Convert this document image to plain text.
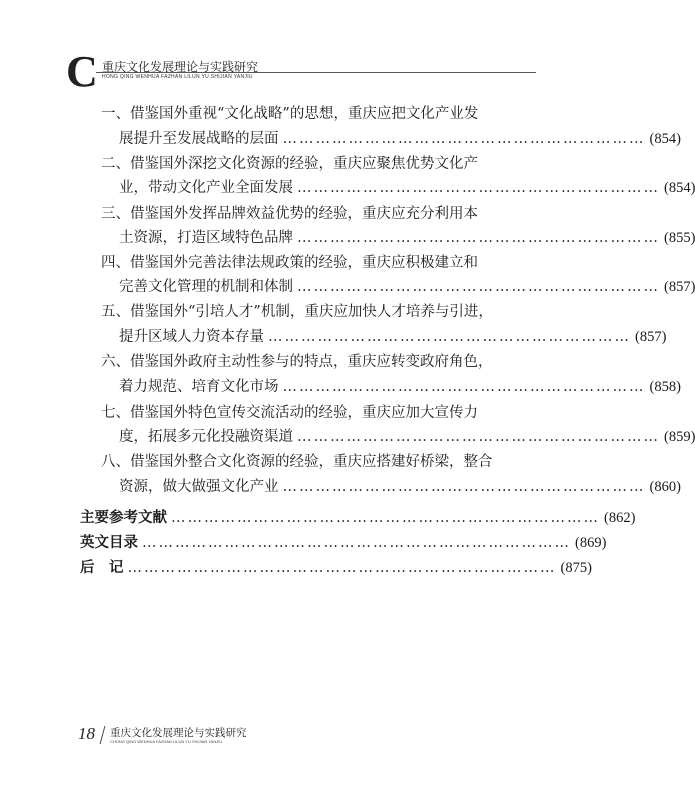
C 重庆文化发展理论与实践研究
HONG QING WENHUA FAZHAN LILUN YU SHIJIAN YANJIU
一、借鉴国外重视“文化战略”的思想，重庆应把文化产业发
展提升至发展战略的层面 ………………………………………………………… (854)
二、借鉴国外深挖文化资源的经验，重庆应聚焦优势文化产
业，带动文化产业全面发展 ………………………………………………………… (854)
三、借鉴国外发挥品牌效益优势的经验，重庆应充分利用本
土资源，打造区域特色品牌 ………………………………………………………… (855)
四、借鉴国外完善法律法规政策的经验，重庆应积极建立和
完善文化管理的机制和体制 ………………………………………………………… (857)
五、借鉴国外“引培人才”机制，重庆应加快人才培养与引进，
提升区域人力资本存量 ………………………………………………………… (857)
六、借鉴国外政府主动性参与的特点，重庆应转变政府角色，
着力规范、培育文化市场 ………………………………………………………… (858)
七、借鉴国外特色宣传交流活动的经验，重庆应加大宣传力
度，拓展多元化投融资渠道 ………………………………………………………… (859)
八、借鉴国外整合文化资源的经验，重庆应搭建好桥梁，整合
资源，做大做强文化产业 ………………………………………………………… (860)
主要参考文献 …………………………………………………………………… (862)
英文目录 …………………………………………………………………… (869)
后　记 …………………………………………………………………… (875)
18 重庆文化发展理论与实践研究
CHONG QING WENHUA FAZHAN LILUN YU SHIJIAN YANJIU
